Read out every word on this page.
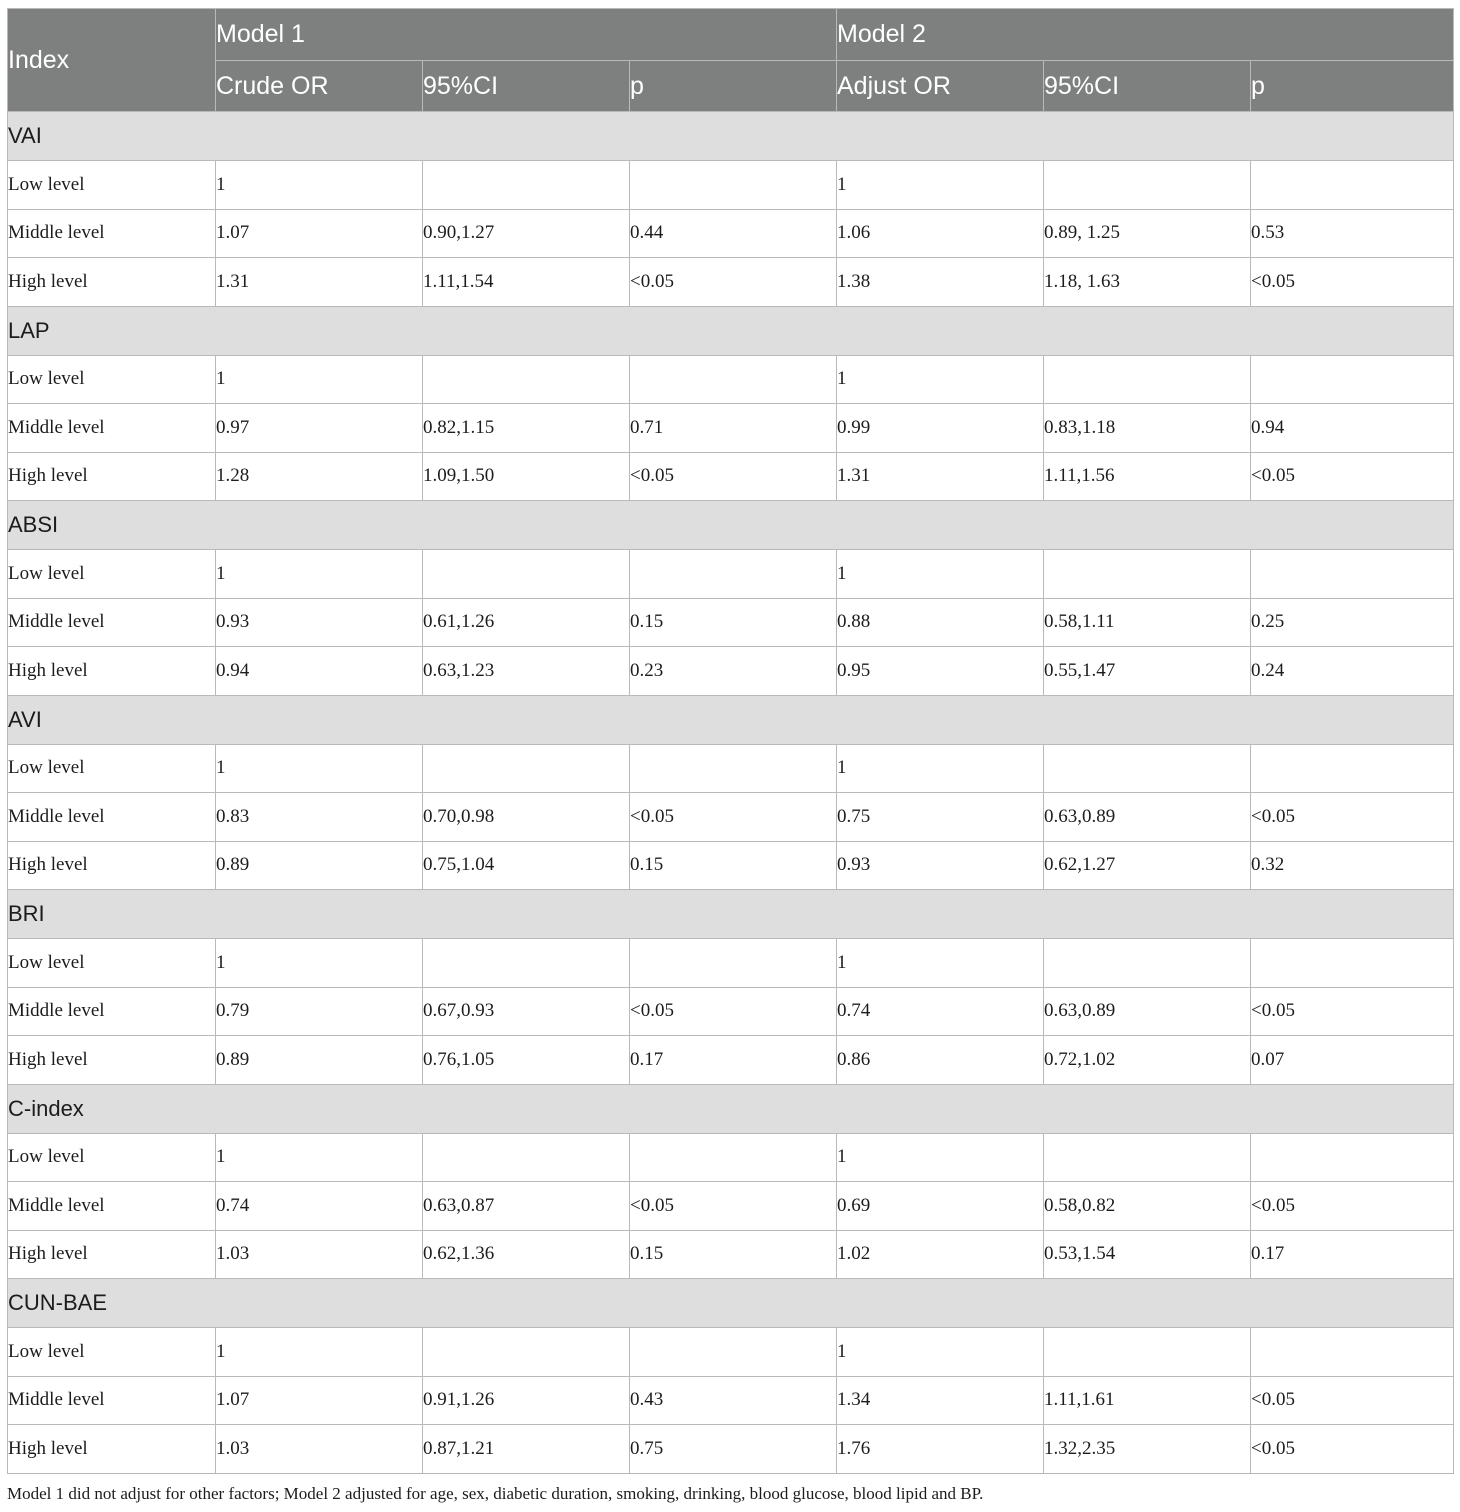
Index	Model 1			Model 2		
	Crude OR	95%CI	p	Adjust OR	95%CI	p
VAI						
Low level	1			1		
Middle level	1.07	0.90,1.27	0.44	1.06	0.89, 1.25	0.53
High level	1.31	1.11,1.54	<0.05	1.38	1.18, 1.63	<0.05
LAP						
Low level	1			1		
Middle level	0.97	0.82,1.15	0.71	0.99	0.83,1.18	0.94
High level	1.28	1.09,1.50	<0.05	1.31	1.11,1.56	<0.05
ABSI						
Low level	1			1		
Middle level	0.93	0.61,1.26	0.15	0.88	0.58,1.11	0.25
High level	0.94	0.63,1.23	0.23	0.95	0.55,1.47	0.24
AVI						
Low level	1			1		
Middle level	0.83	0.70,0.98	<0.05	0.75	0.63,0.89	<0.05
High level	0.89	0.75,1.04	0.15	0.93	0.62,1.27	0.32
BRI						
Low level	1			1		
Middle level	0.79	0.67,0.93	<0.05	0.74	0.63,0.89	<0.05
High level	0.89	0.76,1.05	0.17	0.86	0.72,1.02	0.07
C-index						
Low level	1			1		
Middle level	0.74	0.63,0.87	<0.05	0.69	0.58,0.82	<0.05
High level	1.03	0.62,1.36	0.15	1.02	0.53,1.54	0.17
CUN-BAE						
Low level	1			1		
Middle level	1.07	0.91,1.26	0.43	1.34	1.11,1.61	<0.05
High level	1.03	0.87,1.21	0.75	1.76	1.32,2.35	<0.05
Model 1 did not adjust for other factors; Model 2 adjusted for age, sex, diabetic duration, smoking, drinking, blood glucose, blood lipid and BP.
